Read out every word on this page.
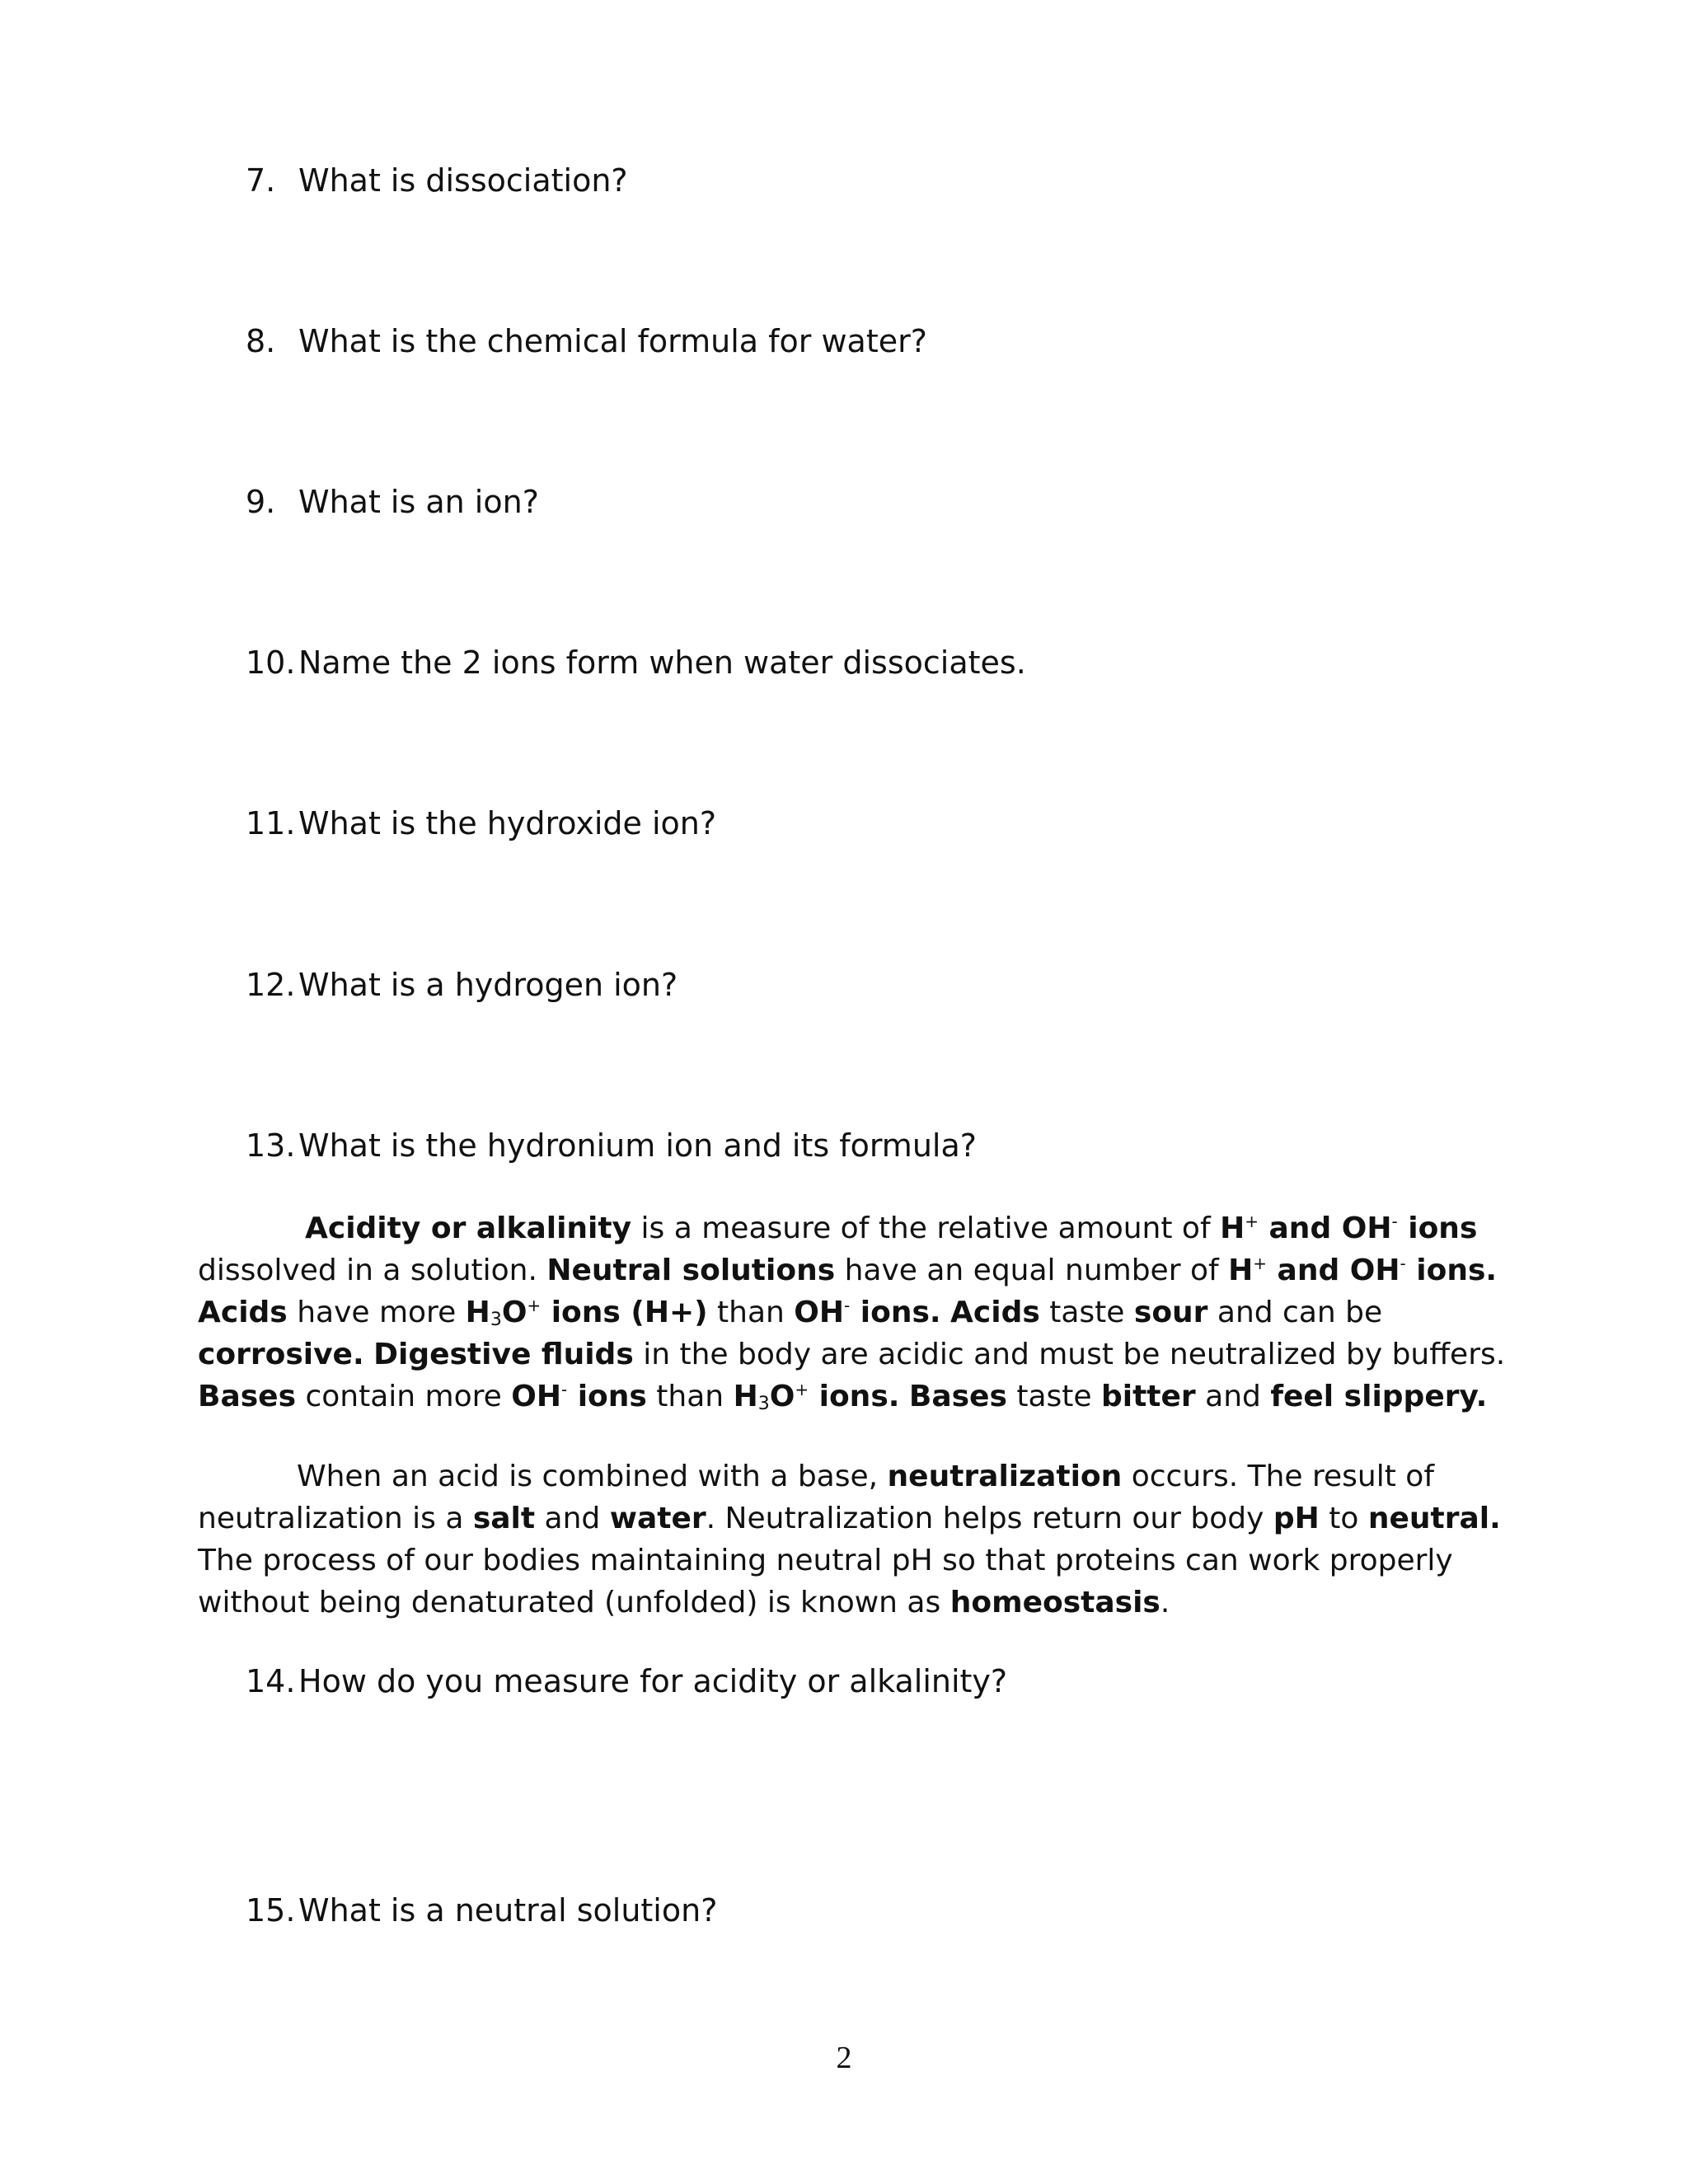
7. What is dissociation?
8. What is the chemical formula for water?
9. What is an ion?
10.Name the 2 ions form when water dissociates.
11.What is the hydroxide ion?
12.What is a hydrogen ion?
13.What is the hydronium ion and its formula?
Acidity or alkalinity is a measure of the relative amount of H+ and OH- ions dissolved in a solution. Neutral solutions have an equal number of H+ and OH- ions. Acids have more $H_3O^+$ ions (H+) than OH- ions. Acids taste sour and can be corrosive. Digestive fluids in the body are acidic and must be neutralized by buffers. Bases contain more OH- ions than $H_3O^+$ ions. Bases taste bitter and feel slippery.
When an acid is combined with a base, neutralization occurs. The result of neutralization is a salt and water. Neutralization helps return our body pH to neutral. The process of our bodies maintaining neutral pH so that proteins can work properly without being denaturated (unfolded) is known as homeostasis.
14.How do you measure for acidity or alkalinity?
15.What is a neutral solution?
2
